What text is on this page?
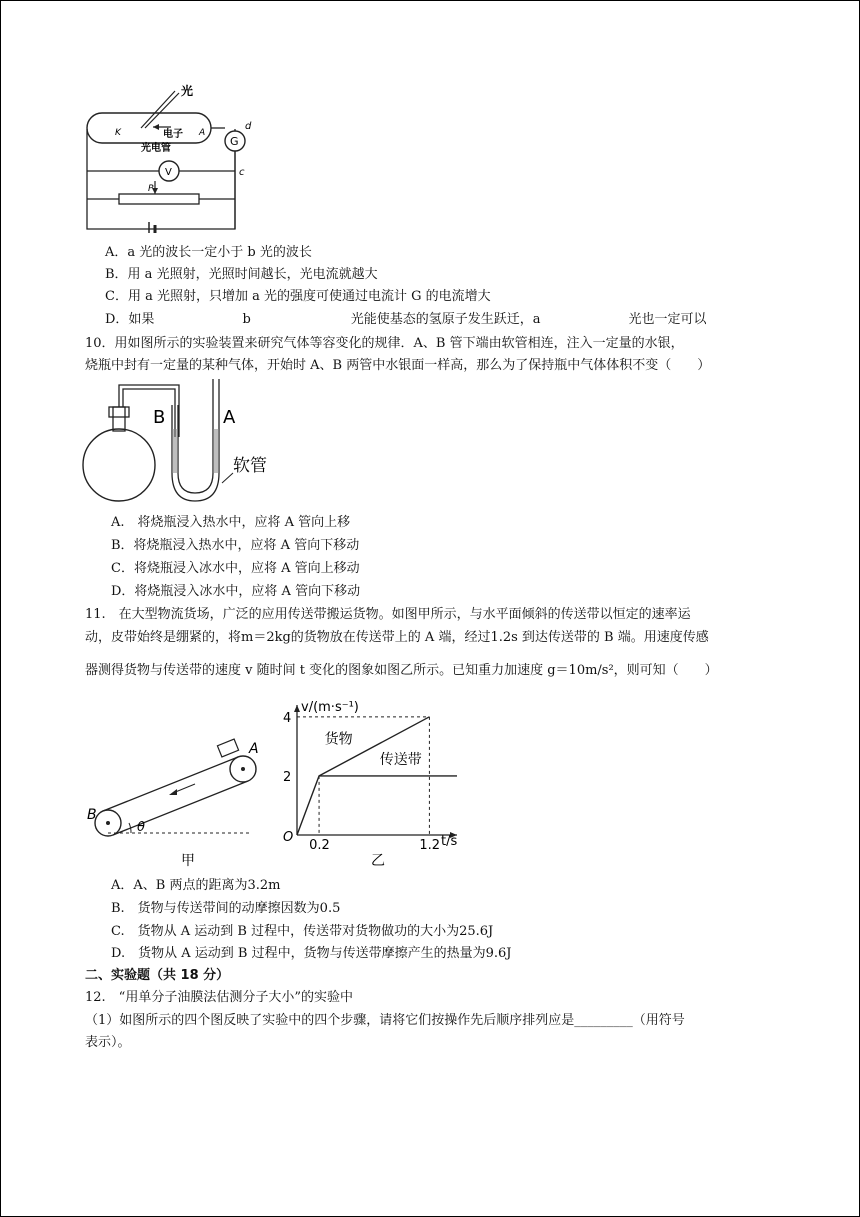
光
电子
光电管
K	A
G
V
d
c
P
A．a 光的波长一定小于 b 光的波长
B．用 a 光照射，光照时间越长，光电流就越大
C．用 a 光照射，只增加 a 光的强度可使通过电流计 G 的电流增大
D．如果	b	光能使基态的氢原子发生跃迁，a	光也一定可以
10．用如图所示的实验装置来研究气体等容变化的规律．A、B 管下端由软管相连，注入一定量的水银，
烧瓶中封有一定量的某种气体，开始时 A、B 两管中水银面一样高，那么为了保持瓶中气体体积不变（　　）
B	A
软管
A.　将烧瓶浸入热水中，应将 A 管向上移
B．将烧瓶浸入热水中，应将 A 管向下移动
C．将烧瓶浸入冰水中，应将 A 管向上移动
D．将烧瓶浸入冰水中，应将 A 管向下移动
11.　在大型物流货场，广泛的应用传送带搬运货物。如图甲所示，与水平面倾斜的传送带以恒定的速率运
动，皮带始终是绷紧的，将m＝2kg的货物放在传送带上的 A 端，经过1.2s 到达传送带的 B 端。用速度传感
器测得货物与传送带的速度 v 随时间 t 变化的图象如图乙所示。已知重力加速度 g＝10m/s²，则可知（　　）
A
B
θ
甲
2
4
0.2	1.2
货物
传送带
v/(m·s⁻¹)
t/s
O
乙
A．A、B 两点的距离为3.2m
B.　货物与传送带间的动摩擦因数为0.5
C.　货物从 A 运动到 B 过程中，传送带对货物做功的大小为25.6J
D.　货物从 A 运动到 B 过程中，货物与传送带摩擦产生的热量为9.6J
二、实验题（共 18 分）
12.　“用单分子油膜法估测分子大小”的实验中
（1）如图所示的四个图反映了实验中的四个步骤，请将它们按操作先后顺序排列应是_________（用符号
表示）。
